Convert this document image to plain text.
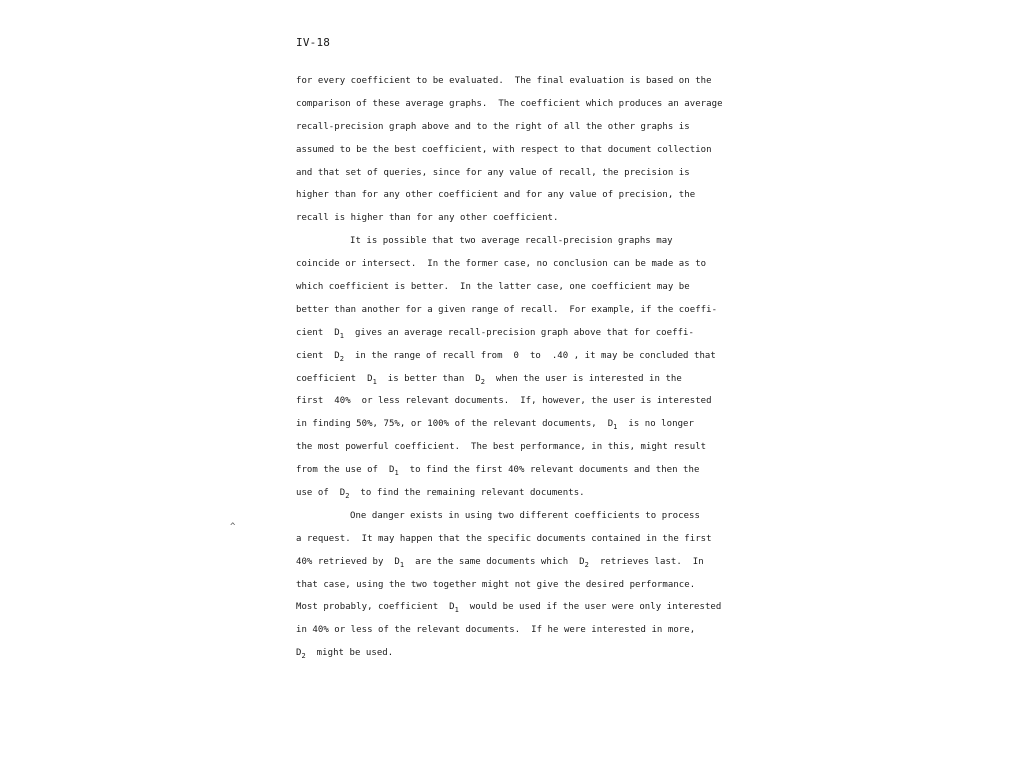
IV-18
^
for every coefficient to be evaluated.  The final evaluation is based on the
comparison of these average graphs.  The coefficient which produces an average
recall-precision graph above and to the right of all the other graphs is
assumed to be the best coefficient, with respect to that document collection
and that set of queries, since for any value of recall, the precision is
higher than for any other coefficient and for any value of precision, the
recall is higher than for any other coefficient.
It is possible that two average recall-precision graphs may
coincide or intersect.  In the former case, no conclusion can be made as to
which coefficient is better.  In the latter case, one coefficient may be
better than another for a given range of recall.  For example, if the coeffi-
cient  $D_1$  gives an average recall-precision graph above that for coeffi-
cient  $D_2$  in the range of recall from  0  to  .40 , it may be concluded that
coefficient  $D_1$  is better than  $D_2$  when the user is interested in the
first  40%  or less relevant documents.  If, however, the user is interested
in finding 50%, 75%, or 100% of the relevant documents,  $D_1$  is no longer
the most powerful coefficient.  The best performance, in this, might result
from the use of  $D_1$  to find the first 40% relevant documents and then the
use of  $D_2$  to find the remaining relevant documents.
One danger exists in using two different coefficients to process
a request.  It may happen that the specific documents contained in the first
40% retrieved by  $D_1$  are the same documents which  $D_2$  retrieves last.  In
that case, using the two together might not give the desired performance.
Most probably, coefficient  $D_1$  would be used if the user were only interested
in 40% or less of the relevant documents.  If he were interested in more,
$D_2$  might be used.
